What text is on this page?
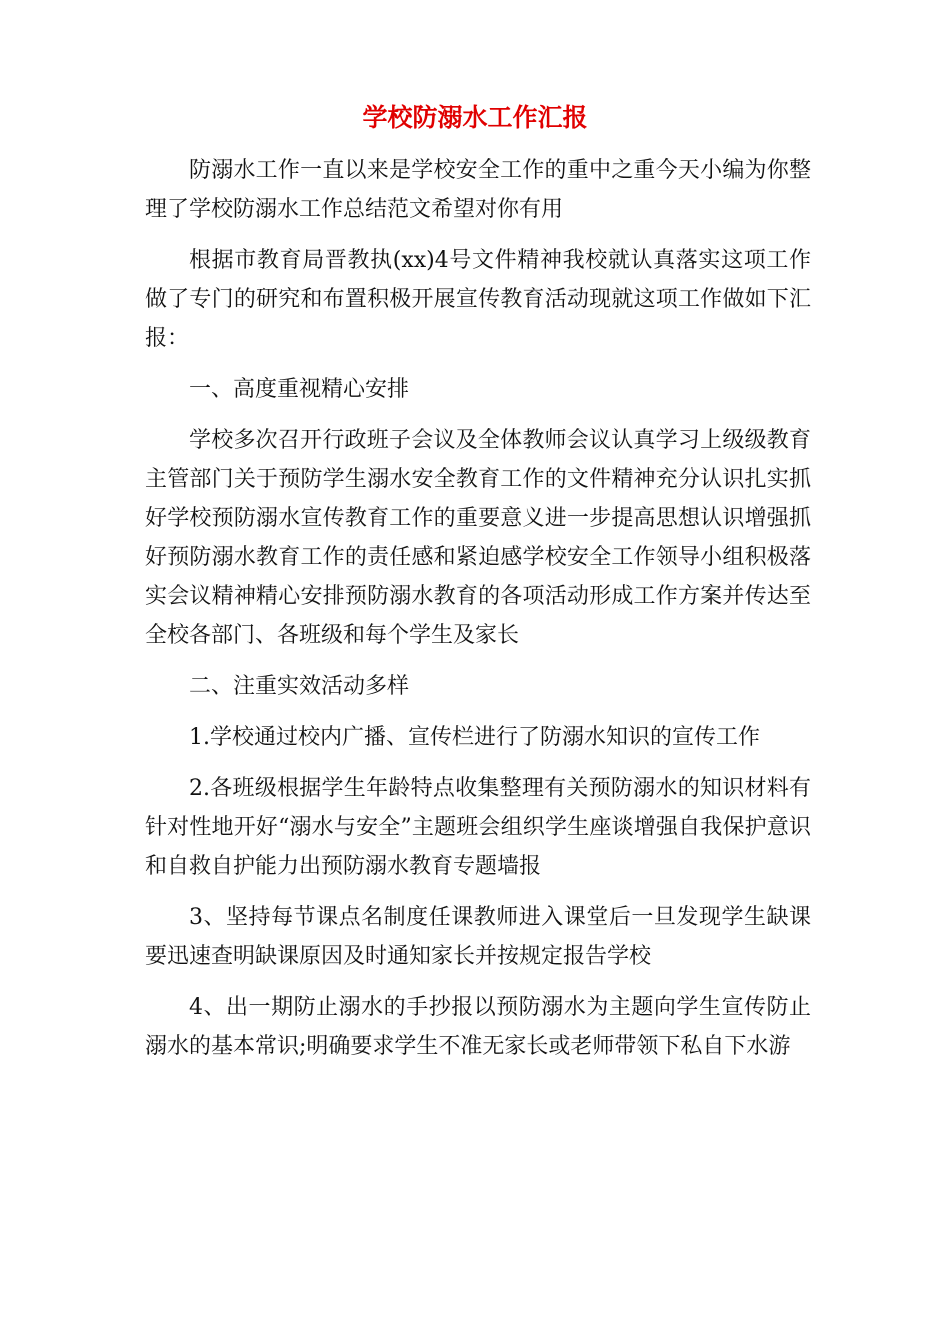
学校防溺水工作汇报

防溺水工作一直以来是学校安全工作的重中之重今天小编为你整理了学校防溺水工作总结范文希望对你有用

根据市教育局晋教执(xx)4号文件精神我校就认真落实这项工作做了专门的研究和布置积极开展宣传教育活动现就这项工作做如下汇报：

一、高度重视精心安排

学校多次召开行政班子会议及全体教师会议认真学习上级级教育主管部门关于预防学生溺水安全教育工作的文件精神充分认识扎实抓好学校预防溺水宣传教育工作的重要意义进一步提高思想认识增强抓好预防溺水教育工作的责任感和紧迫感学校安全工作领导小组积极落实会议精神精心安排预防溺水教育的各项活动形成工作方案并传达至全校各部门、各班级和每个学生及家长

二、注重实效活动多样

1.学校通过校内广播、宣传栏进行了防溺水知识的宣传工作

2.各班级根据学生年龄特点收集整理有关预防溺水的知识材料有针对性地开好“溺水与安全”主题班会组织学生座谈增强自我保护意识和自救自护能力出预防溺水教育专题墙报

3、坚持每节课点名制度任课教师进入课堂后一旦发现学生缺课要迅速查明缺课原因及时通知家长并按规定报告学校

4、出一期防止溺水的手抄报以预防溺水为主题向学生宣传防止溺水的基本常识;明确要求学生不准无家长或老师带领下私自下水游
